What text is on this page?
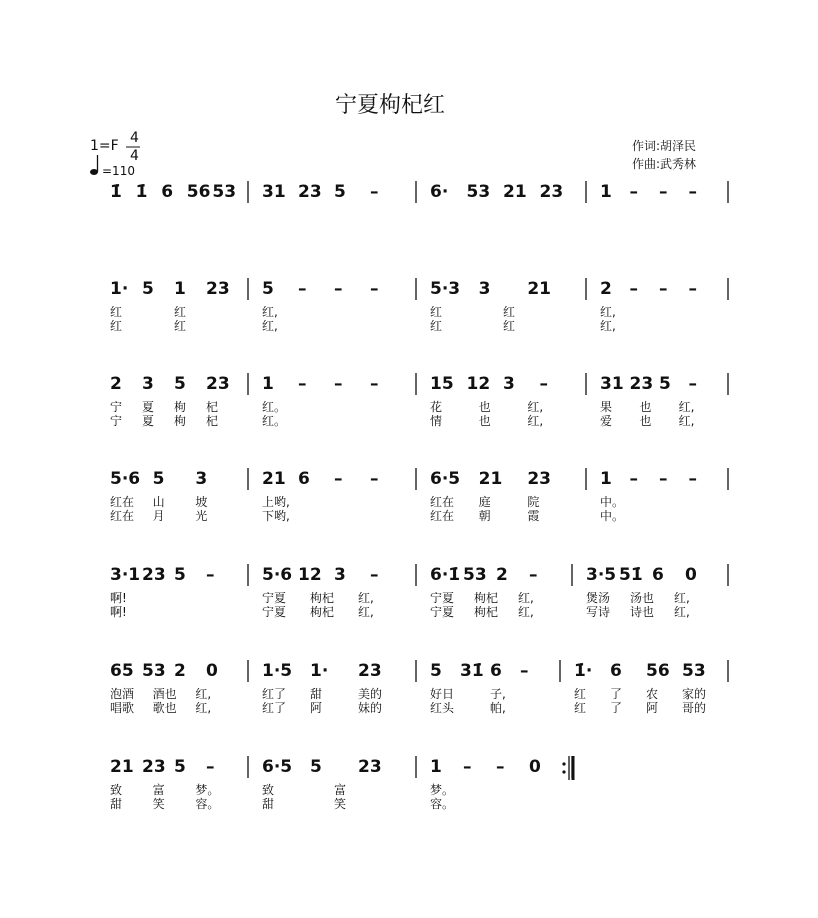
宁夏枸杞红
作词:胡泽民
作曲:武秀林
1=F 4
4
=110
1̇ 1̇ 6 56 53 31 23 5 –	6· 53 21 23 1 – – –
1· 5 1 23
红	红
红	红
5 – – –
红,
红,
5·3 3 21
红	红
红	红
2 – – –
红,
红,
2 3 5 23
宁 夏 枸 杞
宁 夏 枸 杞
1 – – –
红。
红。
15 12 3 –
花	也	红,
情	也	红,
31 23 5 –
果 也 红,
爱 也 红,
5·6 5 3
红在 山	坡
红在 月	光
21 6 – –
上哟,
下哟,
6·5 21 23
红在 庭	院
红在 朝	霞
1 – – –
中。
中。
3·1 23 5 –
啊!
啊!
5·6 12 3 –
宁夏 枸杞 红,
宁夏 枸杞 红,
6·1̇ 53 2 –
宁夏 枸杞 红,
宁夏 枸杞 红,
3·5 51̇ 6 0
煲汤 汤也 红,
写诗 诗也 红,
65 53 2 0
泡酒 酒也 红,
唱歌 歌也 红,
1·5 1· 23
红了 甜	美的
红了 阿	妹的
5 31̇ 6 –
好日	子,
红头	帕,
1̇· 6 56 53
红 了 农 家的
红 了 阿 哥的
21 23 5 –
致	富	梦。
甜	笑	容。
6·5 5 23
致	富
甜	笑
1 – – 0
梦。
容。
